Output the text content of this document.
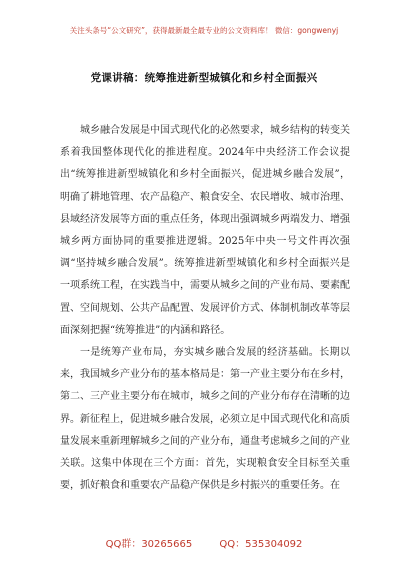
关注头条号“公文研究”，获得最新最全最专业的公文资料库！ 微信：gongwenyj
党课讲稿：统筹推进新型城镇化和乡村全面振兴

城乡融合发展是中国式现代化的必然要求，城乡结构的转变关系着我国整体现代化的推进程度。2024年中央经济工作会议提出“统筹推进新型城镇化和乡村全面振兴，促进城乡融合发展”，明确了耕地管理、农产品稳产、粮食安全、农民增收、城市治理、县域经济发展等方面的重点任务，体现出强调城乡两端发力、增强城乡两方面协同的重要推进逻辑。2025年中央一号文件再次强调“坚持城乡融合发展”。统筹推进新型城镇化和乡村全面振兴是一项系统工程，在实践当中，需要从城乡之间的产业布局、要素配置、空间规划、公共产品配置、发展评价方式、体制机制改革等层面深刻把握“统筹推进”的内涵和路径。

一是统筹产业布局，夯实城乡融合发展的经济基础。长期以来，我国城乡产业分布的基本格局是：第一产业主要分布在乡村，第二、三产业主要分布在城市，城乡之间的产业分布存在清晰的边界。新征程上，促进城乡融合发展，必须立足中国式现代化和高质量发展来重新理解城乡之间的产业分布，通盘考虑城乡之间的产业关联。这集中体现在三个方面：首先，实现粮食安全目标至关重要，抓好粮食和重要农产品稳产保供是乡村振兴的重要任务。在

QQ群：30265665	QQ：535304092
